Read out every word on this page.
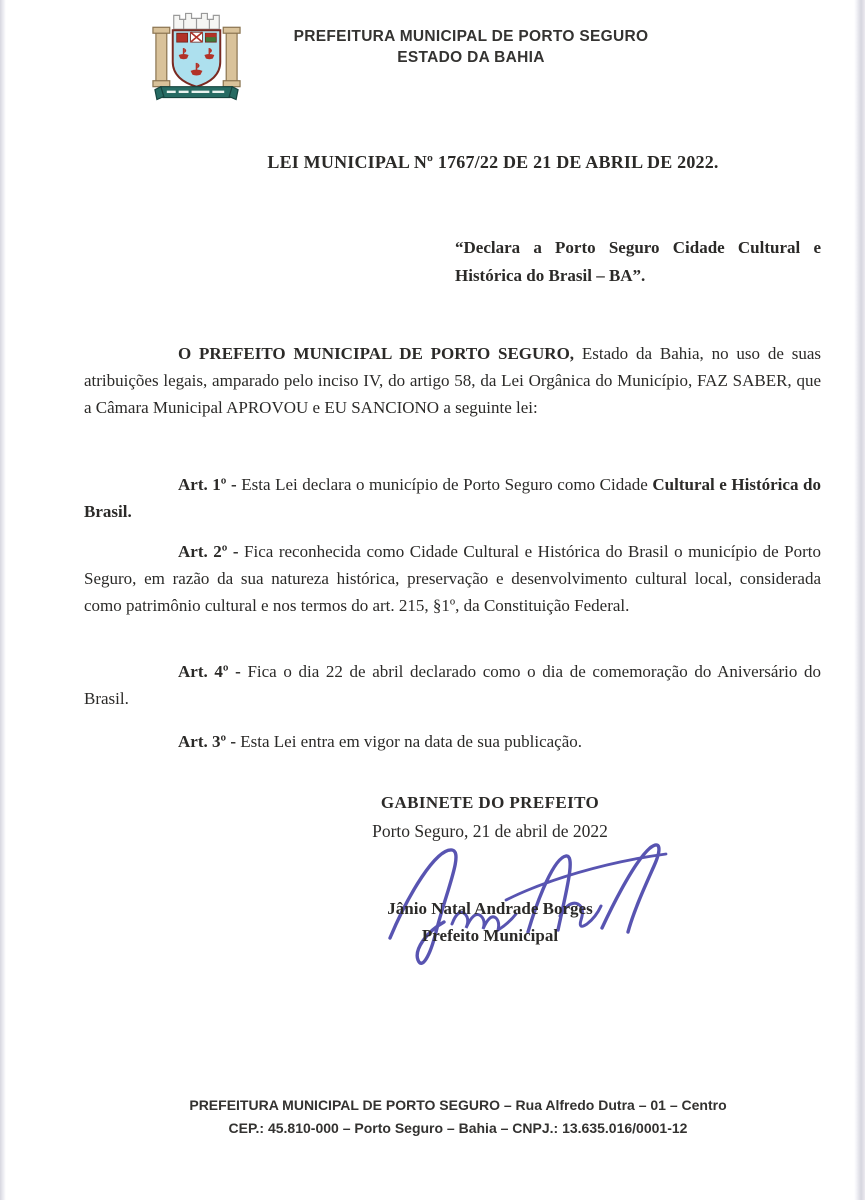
PREFEITURA MUNICIPAL DE PORTO SEGURO
ESTADO DA BAHIA
LEI MUNICIPAL Nº 1767/22 DE 21 DE ABRIL DE 2022.
“Declara a Porto Seguro Cidade Cultural e Histórica do Brasil – BA”.
O PREFEITO MUNICIPAL DE PORTO SEGURO, Estado da Bahia, no uso de suas atribuições legais, amparado pelo inciso IV, do artigo 58, da Lei Orgânica do Município, FAZ SABER, que a Câmara Municipal APROVOU e EU SANCIONO a seguinte lei:
Art. 1º - Esta Lei declara o município de Porto Seguro como Cidade Cultural e Histórica do Brasil.
Art. 2º - Fica reconhecida como Cidade Cultural e Histórica do Brasil o município de Porto Seguro, em razão da sua natureza histórica, preservação e desenvolvimento cultural local, considerada como patrimônio cultural e nos termos do art. 215, §1º, da Constituição Federal.
Art. 4º - Fica o dia 22 de abril declarado como o dia de comemoração do Aniversário do Brasil.
Art. 3º - Esta Lei entra em vigor na data de sua publicação.
GABINETE DO PREFEITO
Porto Seguro, 21 de abril de 2022
Jânio Natal Andrade Borges
Prefeito Municipal
PREFEITURA MUNICIPAL DE PORTO SEGURO – Rua Alfredo Dutra – 01 – Centro
CEP.: 45.810-000 – Porto Seguro – Bahia – CNPJ.: 13.635.016/0001-12
